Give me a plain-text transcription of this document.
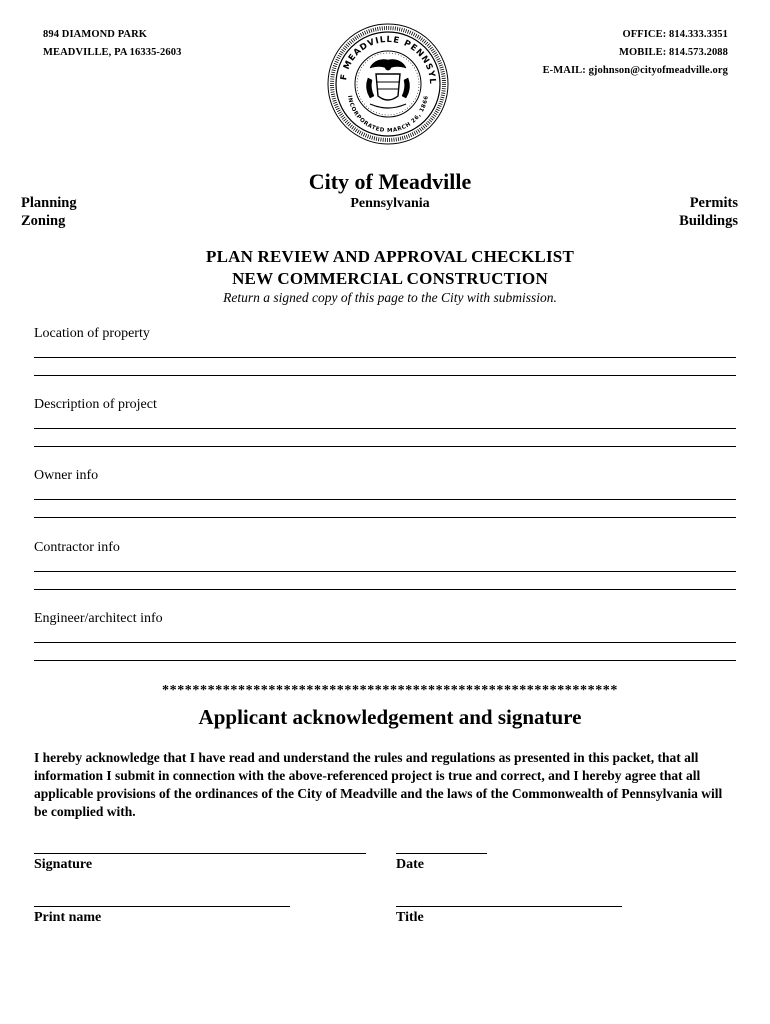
894 DIAMOND PARK
MEADVILLE, PA 16335-2603
OFFICE: 814.333.3351
MOBILE: 814.573.2088
E-MAIL: gjohnson@cityofmeadville.org
F MEADVILLE PENNSYL
INCORPORATED MARCH 26, 1866
Planning
Zoning
Permits
Buildings
City of Meadville
Pennsylvania
PLAN REVIEW AND APPROVAL CHECKLIST
NEW COMMERCIAL CONSTRUCTION
Return a signed copy of this page to the City with submission.
Location of property
Description of project
Owner info
Contractor info
Engineer/architect info
************************************************************
Applicant acknowledgement and signature
I hereby acknowledge that I have read and understand the rules and regulations as presented in this packet, that all information I submit in connection with the above-referenced project is true and correct, and I hereby agree that all applicable provisions of the ordinances of the City of Meadville and the laws of the Commonwealth of Pennsylvania will be complied with.
Signature	Date
Print name	Title
